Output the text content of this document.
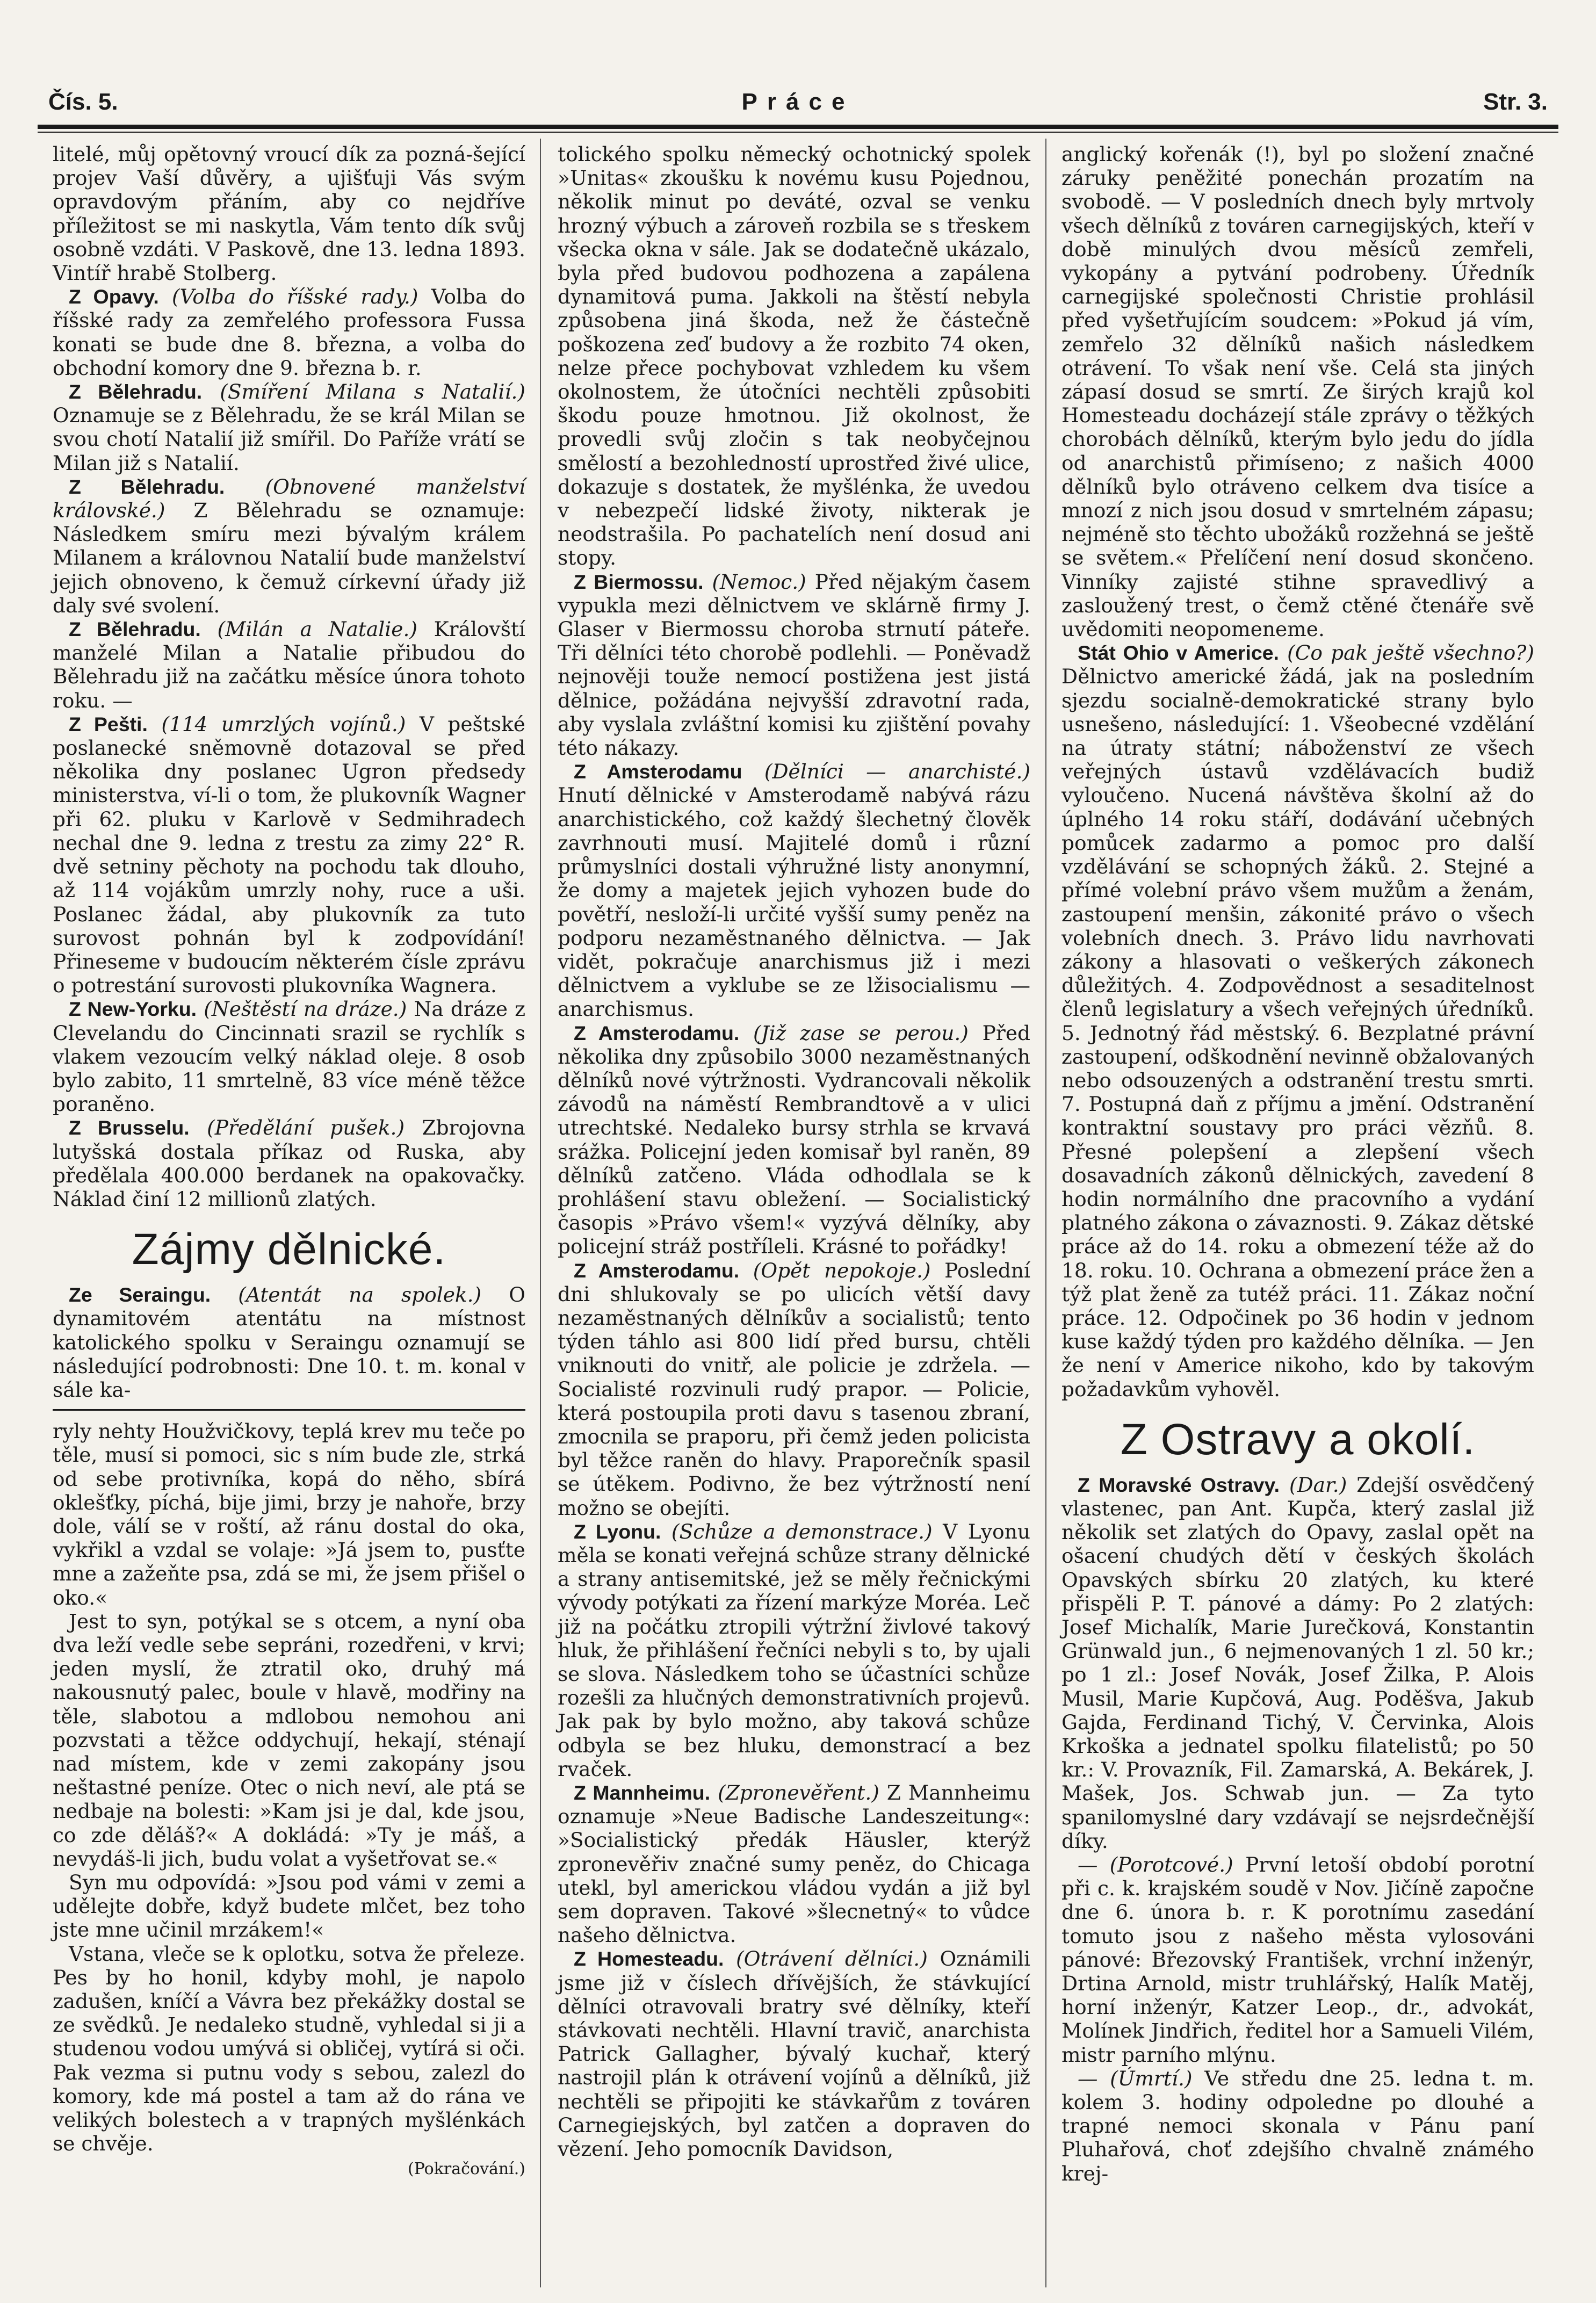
Čís. 5.	Práce	Str. 3.

litelé, můj opětovný vroucí dík za pozná-šející projev Vaší důvěry, a ujišťuji Vás svým opravdovým přáním, aby co nejdříve příležitost se mi naskytla, Vám tento dík svůj osobně vzdáti. V Paskově, dne 13. ledna 1893. Vintíř hrabě Stolberg.

Z Opavy. (Volba do říšské rady.) Volba do říšské rady za zemřelého professora Fussa konati se bude dne 8. března, a volba do obchodní komory dne 9. března b. r.

Z Bělehradu. (Smíření Milana s Natalií.) Oznamuje se z Bělehradu, že se král Milan se svou chotí Natalií již smířil. Do Paříže vrátí se Milan již s Natalií.

Z Bělehradu. (Obnovené manželství královské.) Z Bělehradu se oznamuje: Následkem smíru mezi bývalým králem Milanem a královnou Natalií bude manželství jejich obnoveno, k čemuž církevní úřady již daly své svolení.

Z Bělehradu. (Milán a Natalie.) Královští manželé Milan a Natalie přibudou do Bělehradu již na začátku měsíce února tohoto roku. —

Z Pešti. (114 umrzlých vojínů.) V peštské poslanecké sněmovně dotazoval se před několika dny poslanec Ugron předsedy ministerstva, ví-li o tom, že plukovník Wagner při 62. pluku v Karlově v Sedmihradech nechal dne 9. ledna z trestu za zimy 22° R. dvě setniny pěchoty na pochodu tak dlouho, až 114 vojákům umrzly nohy, ruce a uši. Poslanec žádal, aby plukovník za tuto surovost pohnán byl k zodpovídání! Přineseme v budoucím některém čísle zprávu o potrestání surovosti plukovníka Wagnera.

Z New-Yorku. (Neštěstí na dráze.) Na dráze z Clevelandu do Cincinnati srazil se rychlík s vlakem vezoucím velký náklad oleje. 8 osob bylo zabito, 11 smrtelně, 83 více méně těžce poraněno.

Z Brusselu. (Předělání pušek.) Zbrojovna lutyšská dostala příkaz od Ruska, aby předělala 400.000 berdanek na opakovačky. Náklad činí 12 millionů zlatých.

Zájmy dělnické.

Ze Seraingu. (Atentát na spolek.) O dynamitovém atentátu na místnost katolického spolku v Seraingu oznamují se následující podrobnosti: Dne 10. t. m. konal v sále ka-

ryly nehty Houžvičkovy, teplá krev mu teče po těle, musí si pomoci, sic s ním bude zle, strká od sebe protivníka, kopá do něho, sbírá oklešťky, píchá, bije jimi, brzy je nahoře, brzy dole, válí se v roští, až ránu dostal do oka, vykřikl a vzdal se volaje: »Já jsem to, pusťte mne a zažeňte psa, zdá se mi, že jsem přišel o oko.«

Jest to syn, potýkal se s otcem, a nyní oba dva leží vedle sebe sepráni, rozedřeni, v krvi; jeden myslí, že ztratil oko, druhý má nakousnutý palec, boule v hlavě, modřiny na těle, slabotou a mdlobou nemohou ani pozvstati a těžce oddychují, hekají, sténají nad místem, kde v zemi zakopány jsou neštastné peníze. Otec o nich neví, ale ptá se nedbaje na bolesti: »Kam jsi je dal, kde jsou, co zde děláš?« A dokládá: »Ty je máš, a nevydáš-li jich, budu volat a vyšetřovat se.«

Syn mu odpovídá: »Jsou pod vámi v zemi a udělejte dobře, když budete mlčet, bez toho jste mne učinil mrzákem!«

Vstana, vleče se k oplotku, sotva že přelezе. Pes by ho honil, kdyby mohl, je napolo zadušen, kníčí a Vávra bez překážky dostal se ze svědků. Je nedaleko studně, vyhledal si ji a studenou vodou umývá si obličej, vytírá si oči. Pak vezma si putnu vody s sebou, zalezl do komory, kde má postel a tam až do rána ve velikých bolestech a v trapných myšlénkách se chvěje.

(Pokračování.)

tolického spolku německý ochotnický spolek »Unitas« zkoušku k novému kusu Pojednou, několik minut po deváté, ozval se venku hrozný výbuch a zároveň rozbila se s třeskem všecka okna v sále. Jak se dodatečně ukázalo, byla před budovou podhozena a zapálena dynamitová puma. Jakkoli na štěstí nebyla způsobena jiná škoda, než že částečně poškozena zeď budovy a že rozbito 74 oken, nelze přece pochybovat vzhledem ku všem okolnostem, že útočníci nechtěli způsobiti škodu pouze hmotnou. Již okolnost, že provedli svůj zločin s tak neobyčejnou smělostí a bezohledností uprostřed živé ulice, dokazuje s dostatek, že myšlénka, že uvedou v nebezpečí lidské životy, nikterak je neodstrašila. Po pachatelích není dosud ani stopy.

Z Biermossu. (Nemoc.) Před nějakým časem vypukla mezi dělnictvem ve sklárně firmy J. Glaser v Biermossu choroba strnutí páteře. Tři dělníci této chorobě podlehli. — Poněvadž nejnověji touže nemocí postižena jest jistá dělnice, požádána nejvyšší zdravotní rada, aby vyslala zvláštní komisi ku zjištění povahy této nákazy.

Z Amsterodamu (Dělníci — anarchisté.) Hnutí dělnické v Amsterodamě nabývá rázu anarchistického, což každý šlechetný člověk zavrhnouti musí. Majitelé domů i různí průmyslníci dostali výhružné listy anonymní, že domy a majetek jejich vyhozen bude do povětří, nesloží-li určité vyšší sumy peněz na podporu nezaměstnaného dělnictva. — Jak vidět, pokračuje anarchismus již i mezi dělnictvem a vyklube se ze lžisocialismu — anarchismus.

Z Amsterodamu. (Již zase se perou.) Před několika dny způsobilo 3000 nezaměstnaných dělníků nové výtržnosti. Vydrancovali několik závodů na náměstí Rembrandtově a v ulici utrechtské. Nedaleko bursy strhla se krvavá srážka. Policejní jeden komisař byl raněn, 89 dělníků zatčeno. Vláda odhodlala se k prohlášení stavu obležení. — Socialistický časopis »Právo všem!« vyzývá dělníky, aby policejní stráž postříleli. Krásné to pořádky!

Z Amsterodamu. (Opět nepokoje.) Poslední dni shlukovaly se po ulicích větší davy nezaměstnaných dělníkův a socialistů; tento týden táhlo asi 800 lidí před bursu, chtěli vniknouti do vnitř, ale policie je zdržela. — Socialisté rozvinuli rudý prapor. — Policie, která postoupila proti davu s tasenou zbraní, zmocnila se praporu, při čemž jeden policista byl těžce raněn do hlavy. Praporečník spasil se útěkem. Podivno, že bez výtržností není možno se obejíti.

Z Lyonu. (Schůze a demonstrace.) V Lyonu měla se konati veřejná schůze strany dělnické a strany antisemitské, jež se měly řečnickými vývody potýkati za řízení markýze Moréa. Leč již na počátku ztropili výtržní živlové takový hluk, že přihlášení řečníci nebyli s to, by ujali se slova. Následkem toho se účastníci schůze rozešli za hlučných demonstrativních projevů. Jak pak by bylo možno, aby taková schůze odbyla se bez hluku, demonstrací a bez rvaček.

Z Mannheimu. (Zpronevěřent.) Z Mannheimu oznamuje »Neue Badische Landeszeitung«: »Socialistický předák Häusler, kterýž zpronevěřiv značné sumy peněz, do Chicaga utekl, byl americkou vládou vydán a již byl sem dopraven. Takové »šlecnetný« to vůdce našeho dělnictva.

Z Homesteadu. (Otrávení dělníci.) Oznámili jsme již v číslech dřívějších, že stávkující dělníci otravovali bratry své dělníky, kteří stávkovati nechtěli. Hlavní travič, anarchista Patrick Gallagher, bývalý kuchař, který nastrojil plán k otrávení vojínů a dělníků, již nechtěli se připojiti ke stávkařům z továren Carnegiejských, byl zatčen a dopraven do vězení. Jeho pomocník Davidson,

anglický kořenák (!), byl po složení značné záruky peněžité ponechán prozatím na svobodě. — V posledních dnech byly mrtvoly všech dělníků z továren carnegijských, kteří v době minulých dvou měsíců zemřeli, vykopány a pytvání podrobeny. Úředník carnegijské společnosti Christie prohlásil před vyšetřujícím soudcem: »Pokud já vím, zemřelo 32 dělníků našich následkem otrávení. To však není vše. Celá sta jiných zápasí dosud se smrtí. Ze širých krajů kol Homesteadu docházejí stále zprávy o těžkých chorobách dělníků, kterým bylo jedu do jídla od anarchistů přimíseno; z našich 4000 dělníků bylo otráveno celkem dva tisíce a mnozí z nich jsou dosud v smrtelném zápasu; nejméně sto těchto ubožáků rozžehná se ještě se světem.« Přelíčení není dosud skončeno. Vinníky zajisté stihne spravedlivý a zasloužený trest, o čemž ctěné čtenáře svě uvědomiti neopomeneme.

Stát Ohio v Americe. (Co pak ještě všechno?) Dělnictvo americké žádá, jak na posledním sjezdu socialně-demokratické strany bylo usnešeno, následující: 1. Všeobecné vzdělání na útraty státní; náboženství ze všech veřejných ústavů vzdělávacích budiž vyloučeno. Nucená návštěva školní až do úplného 14 roku stáří, dodávání učebných pomůcek zadarmo a pomoc pro další vzdělávání se schopných žáků. 2. Stejné a přímé volební právo všem mužům a ženám, zastoupení menšin, zákonité právo o všech volebních dnech. 3. Právo lidu navrhovati zákony a hlasovati o veškerých zákonech důležitých. 4. Zodpovědnost a sesaditelnost členů legislatury a všech veřejných úředníků. 5. Jednotný řád městský. 6. Bezplatné právní zastoupení, odškodnění nevinně obžalovaných nebo odsouzených a odstranění trestu smrti. 7. Postupná daň z příjmu a jmění. Odstranění kontraktní soustavy pro práci vězňů. 8. Přesné polepšení a zlepšení všech dosavadních zákonů dělnických, zavedení 8 hodin normálního dne pracovního a vydání platného zákona o závaznosti. 9. Zákaz dětské práce až do 14. roku a obmezení téže až do 18. roku. 10. Ochrana a obmezení práce žen a týž plat ženě za tutéž práci. 11. Zákaz noční práce. 12. Odpočinek po 36 hodin v jednom kuse každý týden pro každého dělníka. — Jen že není v Americe nikoho, kdo by takovým požadavkům vyhověl.

Z Ostravy a okolí.

Z Moravské Ostravy. (Dar.) Zdejší osvědčený vlastenec, pan Ant. Kupča, který zaslal již několik set zlatých do Opavy, zaslal opět na ošacení chudých dětí v českých školách Opavských sbírku 20 zlatých, ku které přispěli P. T. pánové a dámy: Po 2 zlatých: Josef Michalík, Marie Jurečková, Konstantin Grünwald jun., 6 nejmenovaných 1 zl. 50 kr.; po 1 zl.: Josef Novák, Josef Žilka, P. Alois Musil, Marie Kupčová, Aug. Poděšva, Jakub Gajda, Ferdinand Tichý, V. Červinka, Alois Krkoška a jednatel spolku filatelistů; po 50 kr.: V. Provazník, Fil. Zamarská, A. Bekárek, J. Mašek, Jos. Schwab jun. — Za tyto spanilomyslné dary vzdávají se nejsrdečnější díky.

— (Porotcové.) První letoší období porotní při c. k. krajském soudě v Nov. Jičíně započne dne 6. února b. r. K porotnímu zasedání tomuto jsou z našeho města vylosováni pánové: Březovský František, vrchní inženýr, Drtina Arnold, mistr truhlářský, Halík Matěj, horní inženýr, Katzer Leop., dr., advokát, Molínek Jindřich, ředitel hor a Samueli Vilém, mistr parního mlýnu.

— (Úmrtí.) Ve středu dne 25. ledna t. m. kolem 3. hodiny odpoledne po dlouhé a trapné nemoci skonala v Pánu paní Pluhařová, choť zdejšího chvalně známého krej-
